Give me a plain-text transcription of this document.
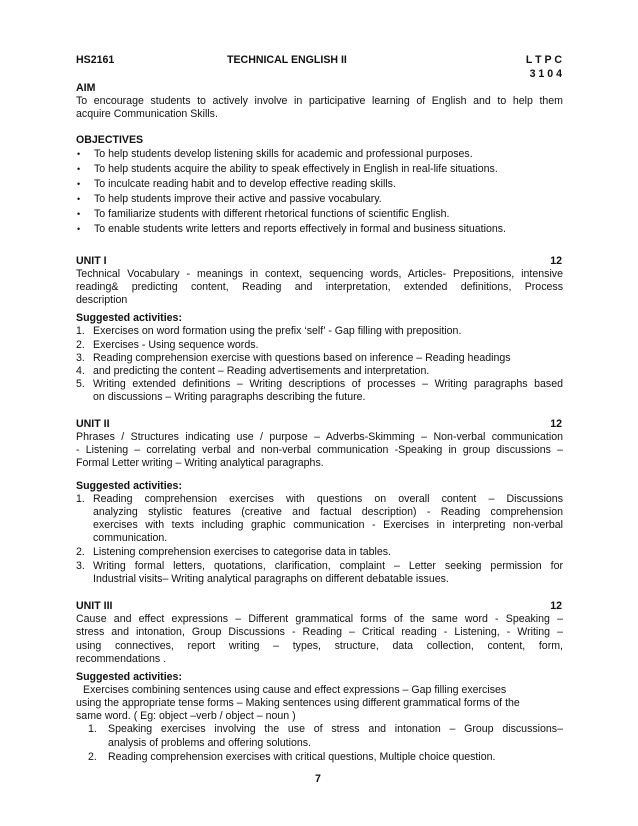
HS2161	TECHNICAL ENGLISH II	L T P C
3 1 0 4
AIM
To encourage students to actively involve in participative learning of English and to help them
acquire Communication Skills.
OBJECTIVES
• To help students develop listening skills for academic and professional purposes.
• To help students acquire the ability to speak effectively in English in real-life situations.
• To inculcate reading habit and to develop effective reading skills.
• To help students improve their active and passive vocabulary.
• To familiarize students with different rhetorical functions of scientific English.
• To enable students write letters and reports effectively in formal and business situations.
UNIT I	12
Technical Vocabulary - meanings in context, sequencing words, Articles- Prepositions, intensive
reading& predicting content, Reading and interpretation, extended definitions, Process
description
Suggested activities:
1. Exercises on word formation using the prefix ‘self’ - Gap filling with preposition.
2. Exercises - Using sequence words.
3. Reading comprehension exercise with questions based on inference – Reading headings
4. and predicting the content – Reading advertisements and interpretation.
5. Writing extended definitions – Writing descriptions of processes – Writing paragraphs based
on discussions – Writing paragraphs describing the future.
UNIT II	12
Phrases / Structures indicating use / purpose – Adverbs-Skimming – Non-verbal communication
- Listening – correlating verbal and non-verbal communication -Speaking in group discussions –
Formal Letter writing – Writing analytical paragraphs.
Suggested activities:
1. Reading comprehension exercises with questions on overall content – Discussions
analyzing stylistic features (creative and factual description) - Reading comprehension
exercises with texts including graphic communication - Exercises in interpreting non-verbal
communication.
2. Listening comprehension exercises to categorise data in tables.
3. Writing formal letters, quotations, clarification, complaint – Letter seeking permission for
Industrial visits– Writing analytical paragraphs on different debatable issues.
UNIT III	12
Cause and effect expressions – Different grammatical forms of the same word - Speaking –
stress and intonation, Group Discussions - Reading – Critical reading - Listening, - Writing –
using connectives, report writing – types, structure, data collection, content, form,
recommendations .
Suggested activities:
Exercises combining sentences using cause and effect expressions – Gap filling exercises
using the appropriate tense forms – Making sentences using different grammatical forms of the
same word. ( Eg: object –verb / object – noun )
1. Speaking exercises involving the use of stress and intonation – Group discussions–
analysis of problems and offering solutions.
2. Reading comprehension exercises with critical questions, Multiple choice question.
7
